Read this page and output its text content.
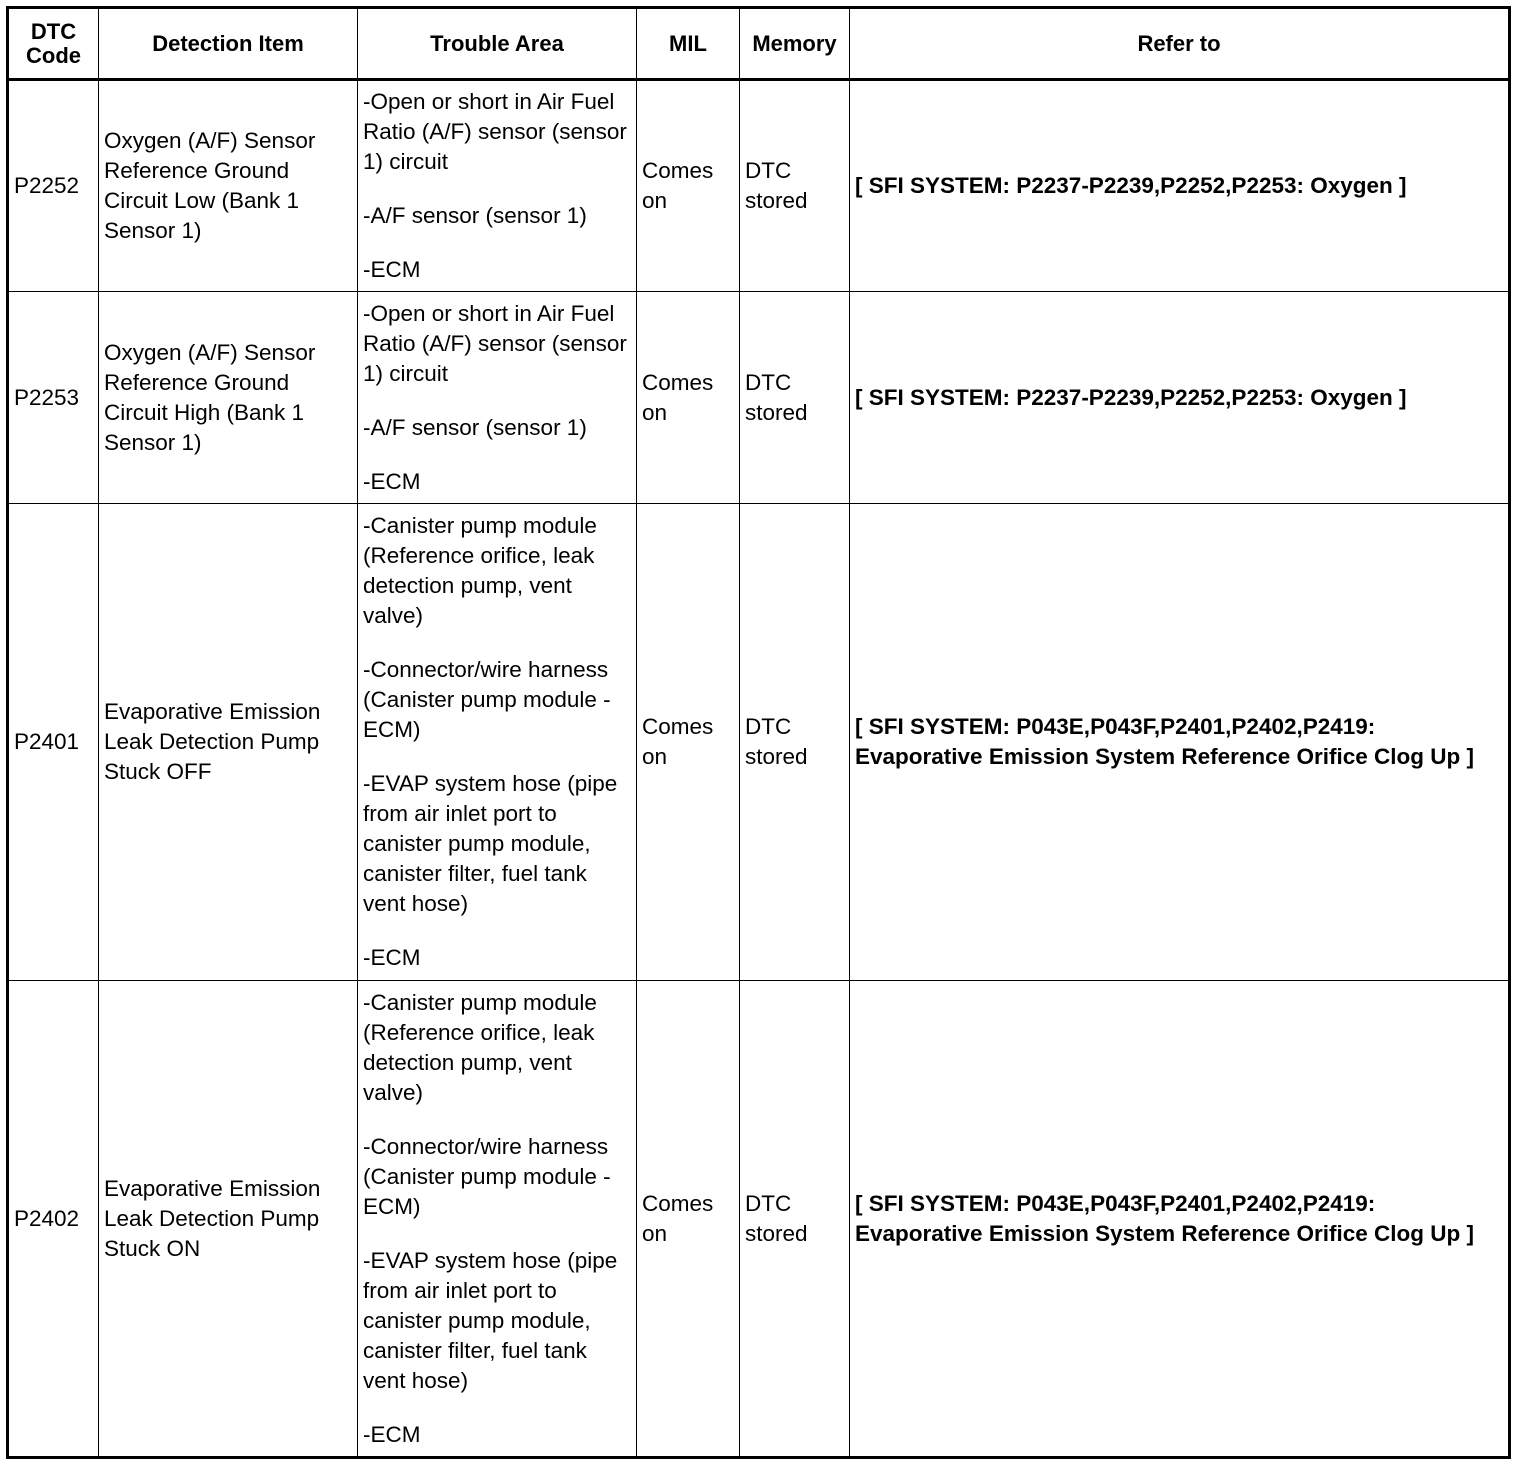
DTC
Code	Detection Item	Trouble Area	MIL	Memory	Refer to
P2252	Oxygen (A/F) Sensor Reference Ground Circuit Low (Bank 1 Sensor 1)	-Open or short in Air Fuel Ratio (A/F) sensor (sensor 1) circuit
-A/F sensor (sensor 1)
-ECM	Comes on	DTC stored	[ SFI SYSTEM: P2237-P2239,P2252,P2253: Oxygen ]
P2253	Oxygen (A/F) Sensor Reference Ground Circuit High (Bank 1 Sensor 1)	-Open or short in Air Fuel Ratio (A/F) sensor (sensor 1) circuit
-A/F sensor (sensor 1)
-ECM	Comes on	DTC stored	[ SFI SYSTEM: P2237-P2239,P2252,P2253: Oxygen ]
P2401	Evaporative Emission Leak Detection Pump Stuck OFF	-Canister pump module (Reference orifice, leak detection pump, vent valve)
-Connector/wire harness (Canister pump module - ECM)
-EVAP system hose (pipe from air inlet port to canister pump module, canister filter, fuel tank vent hose)
-ECM	Comes on	DTC stored	[ SFI SYSTEM: P043E,P043F,P2401,P2402,P2419: Evaporative Emission System Reference Orifice Clog Up ]
P2402	Evaporative Emission Leak Detection Pump Stuck ON	-Canister pump module (Reference orifice, leak detection pump, vent valve)
-Connector/wire harness (Canister pump module - ECM)
-EVAP system hose (pipe from air inlet port to canister pump module, canister filter, fuel tank vent hose)
-ECM	Comes on	DTC stored	[ SFI SYSTEM: P043E,P043F,P2401,P2402,P2419: Evaporative Emission System Reference Orifice Clog Up ]
